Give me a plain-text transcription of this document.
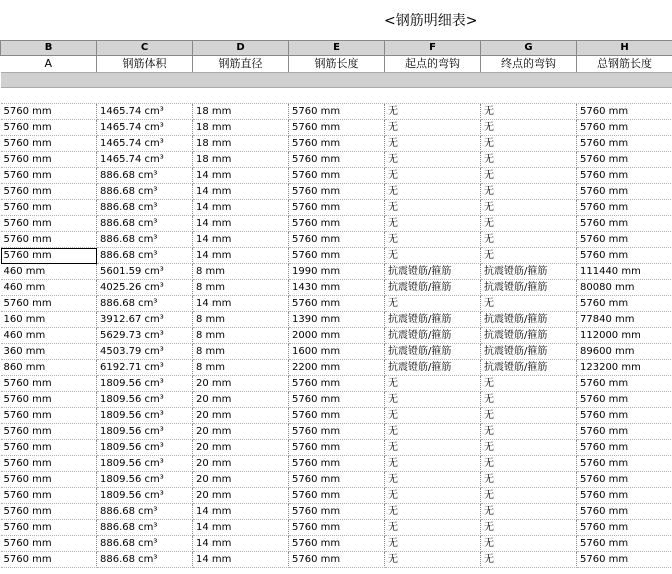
<钢筋明细表>
B	C	D	E	F	G	H
A	钢筋体积	钢筋直径	钢筋长度	起点的弯钩	终点的弯钩	总钢筋长度

5760 mm	1465.74 cm³	18 mm	5760 mm	无	无	5760 mm
5760 mm	1465.74 cm³	18 mm	5760 mm	无	无	5760 mm
5760 mm	1465.74 cm³	18 mm	5760 mm	无	无	5760 mm
5760 mm	1465.74 cm³	18 mm	5760 mm	无	无	5760 mm
5760 mm	886.68 cm³	14 mm	5760 mm	无	无	5760 mm
5760 mm	886.68 cm³	14 mm	5760 mm	无	无	5760 mm
5760 mm	886.68 cm³	14 mm	5760 mm	无	无	5760 mm
5760 mm	886.68 cm³	14 mm	5760 mm	无	无	5760 mm
5760 mm	886.68 cm³	14 mm	5760 mm	无	无	5760 mm
5760 mm	886.68 cm³	14 mm	5760 mm	无	无	5760 mm
460 mm	5601.59 cm³	8 mm	1990 mm	抗震镫筋/箍筋	抗震镫筋/箍筋	111440 mm
460 mm	4025.26 cm³	8 mm	1430 mm	抗震镫筋/箍筋	抗震镫筋/箍筋	80080 mm
5760 mm	886.68 cm³	14 mm	5760 mm	无	无	5760 mm
160 mm	3912.67 cm³	8 mm	1390 mm	抗震镫筋/箍筋	抗震镫筋/箍筋	77840 mm
460 mm	5629.73 cm³	8 mm	2000 mm	抗震镫筋/箍筋	抗震镫筋/箍筋	112000 mm
360 mm	4503.79 cm³	8 mm	1600 mm	抗震镫筋/箍筋	抗震镫筋/箍筋	89600 mm
860 mm	6192.71 cm³	8 mm	2200 mm	抗震镫筋/箍筋	抗震镫筋/箍筋	123200 mm
5760 mm	1809.56 cm³	20 mm	5760 mm	无	无	5760 mm
5760 mm	1809.56 cm³	20 mm	5760 mm	无	无	5760 mm
5760 mm	1809.56 cm³	20 mm	5760 mm	无	无	5760 mm
5760 mm	1809.56 cm³	20 mm	5760 mm	无	无	5760 mm
5760 mm	1809.56 cm³	20 mm	5760 mm	无	无	5760 mm
5760 mm	1809.56 cm³	20 mm	5760 mm	无	无	5760 mm
5760 mm	1809.56 cm³	20 mm	5760 mm	无	无	5760 mm
5760 mm	1809.56 cm³	20 mm	5760 mm	无	无	5760 mm
5760 mm	886.68 cm³	14 mm	5760 mm	无	无	5760 mm
5760 mm	886.68 cm³	14 mm	5760 mm	无	无	5760 mm
5760 mm	886.68 cm³	14 mm	5760 mm	无	无	5760 mm
5760 mm	886.68 cm³	14 mm	5760 mm	无	无	5760 mm
